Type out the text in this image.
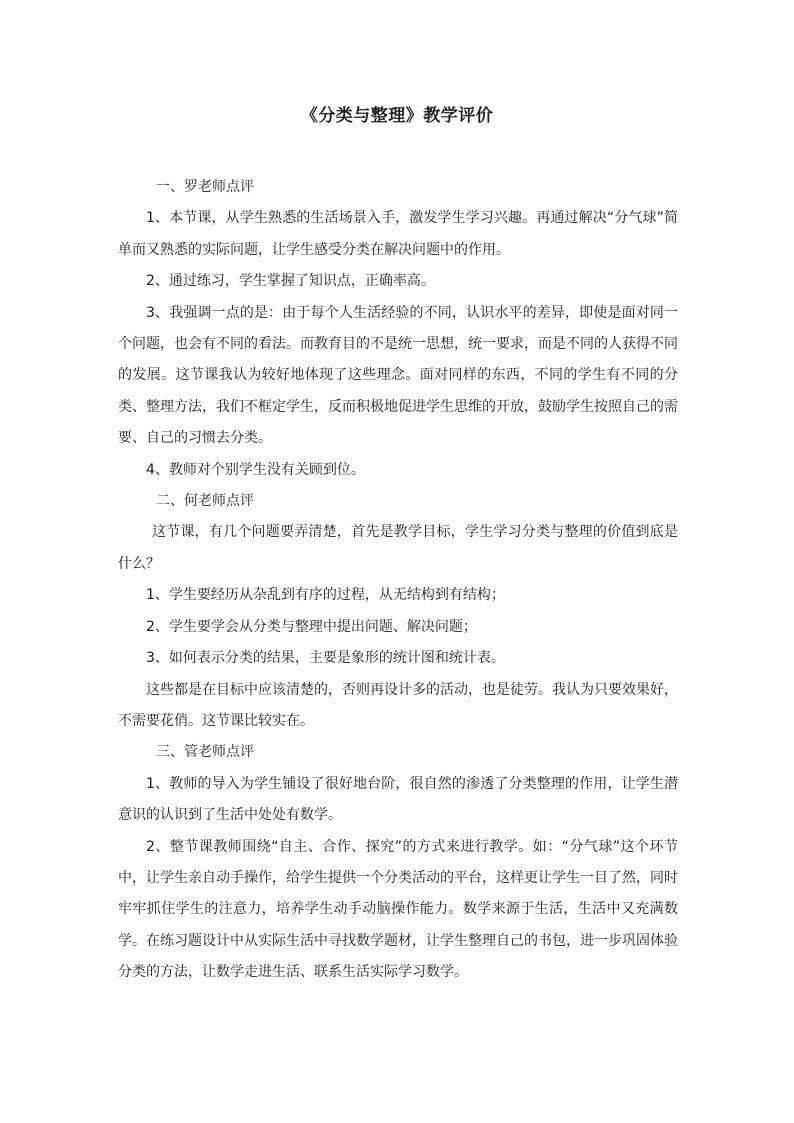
《分类与整理》教学评价

一、罗老师点评

1、本节课，从学生熟悉的生活场景入手，激发学生学习兴趣。再通过解决“分气球”简单而又熟悉的实际问题，让学生感受分类在解决问题中的作用。

2、通过练习，学生掌握了知识点，正确率高。

3、我强调一点的是：由于每个人生活经验的不同，认识水平的差异，即使是面对同一个问题，也会有不同的看法。而教育目的不是统一思想，统一要求，而是不同的人获得不同的发展。这节课我认为较好地体现了这些理念。面对同样的东西，不同的学生有不同的分类、整理方法，我们不框定学生，反而积极地促进学生思维的开放，鼓励学生按照自己的需要、自己的习惯去分类。

4、教师对个别学生没有关顾到位。

二、何老师点评

这节课，有几个问题要弄清楚，首先是教学目标，学生学习分类与整理的价值到底是什么？

1、学生要经历从杂乱到有序的过程，从无结构到有结构；

2、学生要学会从分类与整理中提出问题、解决问题；

3、如何表示分类的结果，主要是象形的统计图和统计表。

这些都是在目标中应该清楚的，否则再设计多的活动，也是徒劳。我认为只要效果好，不需要花俏。这节课比较实在。

三、管老师点评

1、教师的导入为学生铺设了很好地台阶，很自然的渗透了分类整理的作用，让学生潜意识的认识到了生活中处处有数学。

2、整节课教师围绕“自主、合作、探究”的方式来进行教学。如：“分气球”这个环节中，让学生亲自动手操作，给学生提供一个分类活动的平台，这样更让学生一目了然，同时牢牢抓住学生的注意力，培养学生动手动脑操作能力。数学来源于生活，生活中又充满数学。在练习题设计中从实际生活中寻找数学题材，让学生整理自己的书包，进一步巩固体验分类的方法，让数学走进生活、联系生活实际学习数学。
